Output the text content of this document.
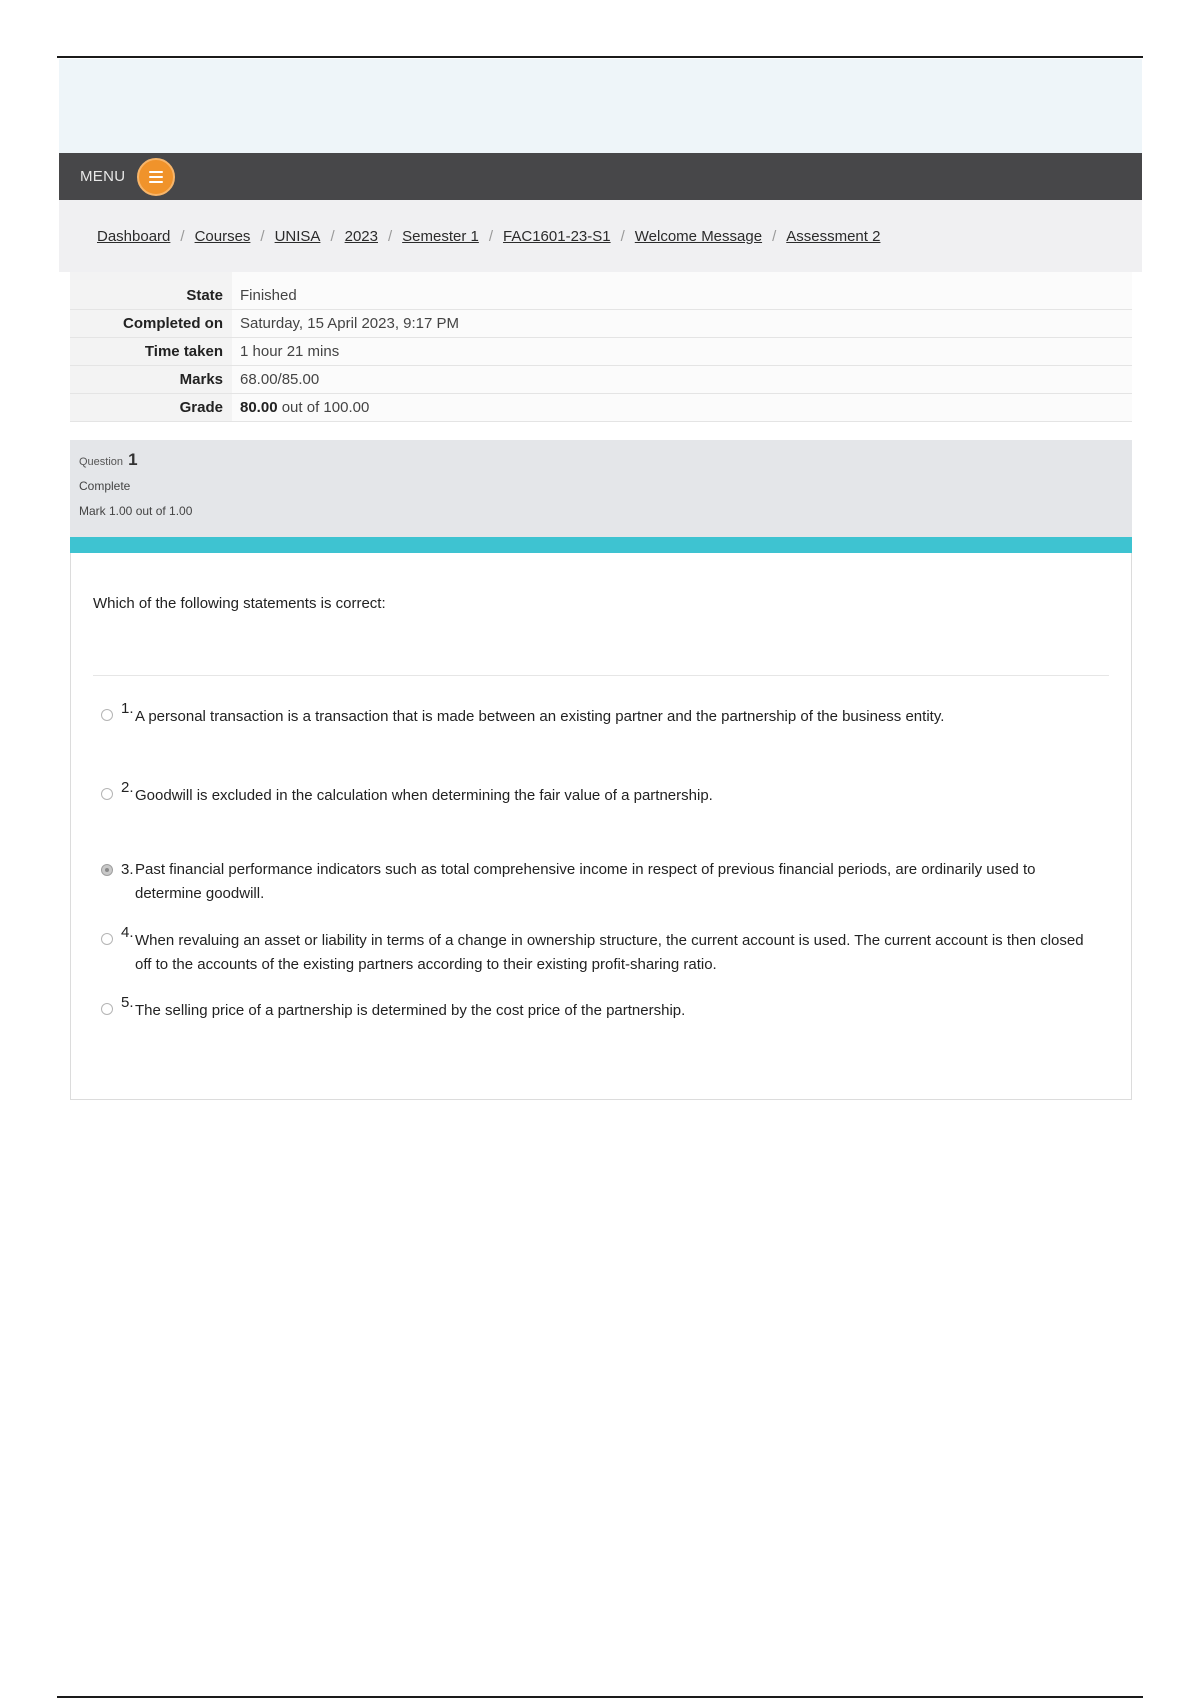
MENU
Dashboard / Courses / UNISA / 2023 / Semester 1 / FAC1601-23-S1 / Welcome Message / Assessment 2
State	Finished
Completed on	Saturday, 15 April 2023, 9:17 PM
Time taken	1 hour 21 mins
Marks	68.00/85.00
Grade	80.00 out of 100.00
Question 1
Complete
Mark 1.00 out of 1.00
Which of the following statements is correct:
1. A personal transaction is a transaction that is made between an existing partner and the partnership of the business entity.
2. Goodwill is excluded in the calculation when determining the fair value of a partnership.
3. Past financial performance indicators such as total comprehensive income in respect of previous financial periods, are ordinarily used to determine goodwill.
4. When revaluing an asset or liability in terms of a change in ownership structure, the current account is used. The current account is then closed off to the accounts of the existing partners according to their existing profit-sharing ratio.
5. The selling price of a partnership is determined by the cost price of the partnership.
